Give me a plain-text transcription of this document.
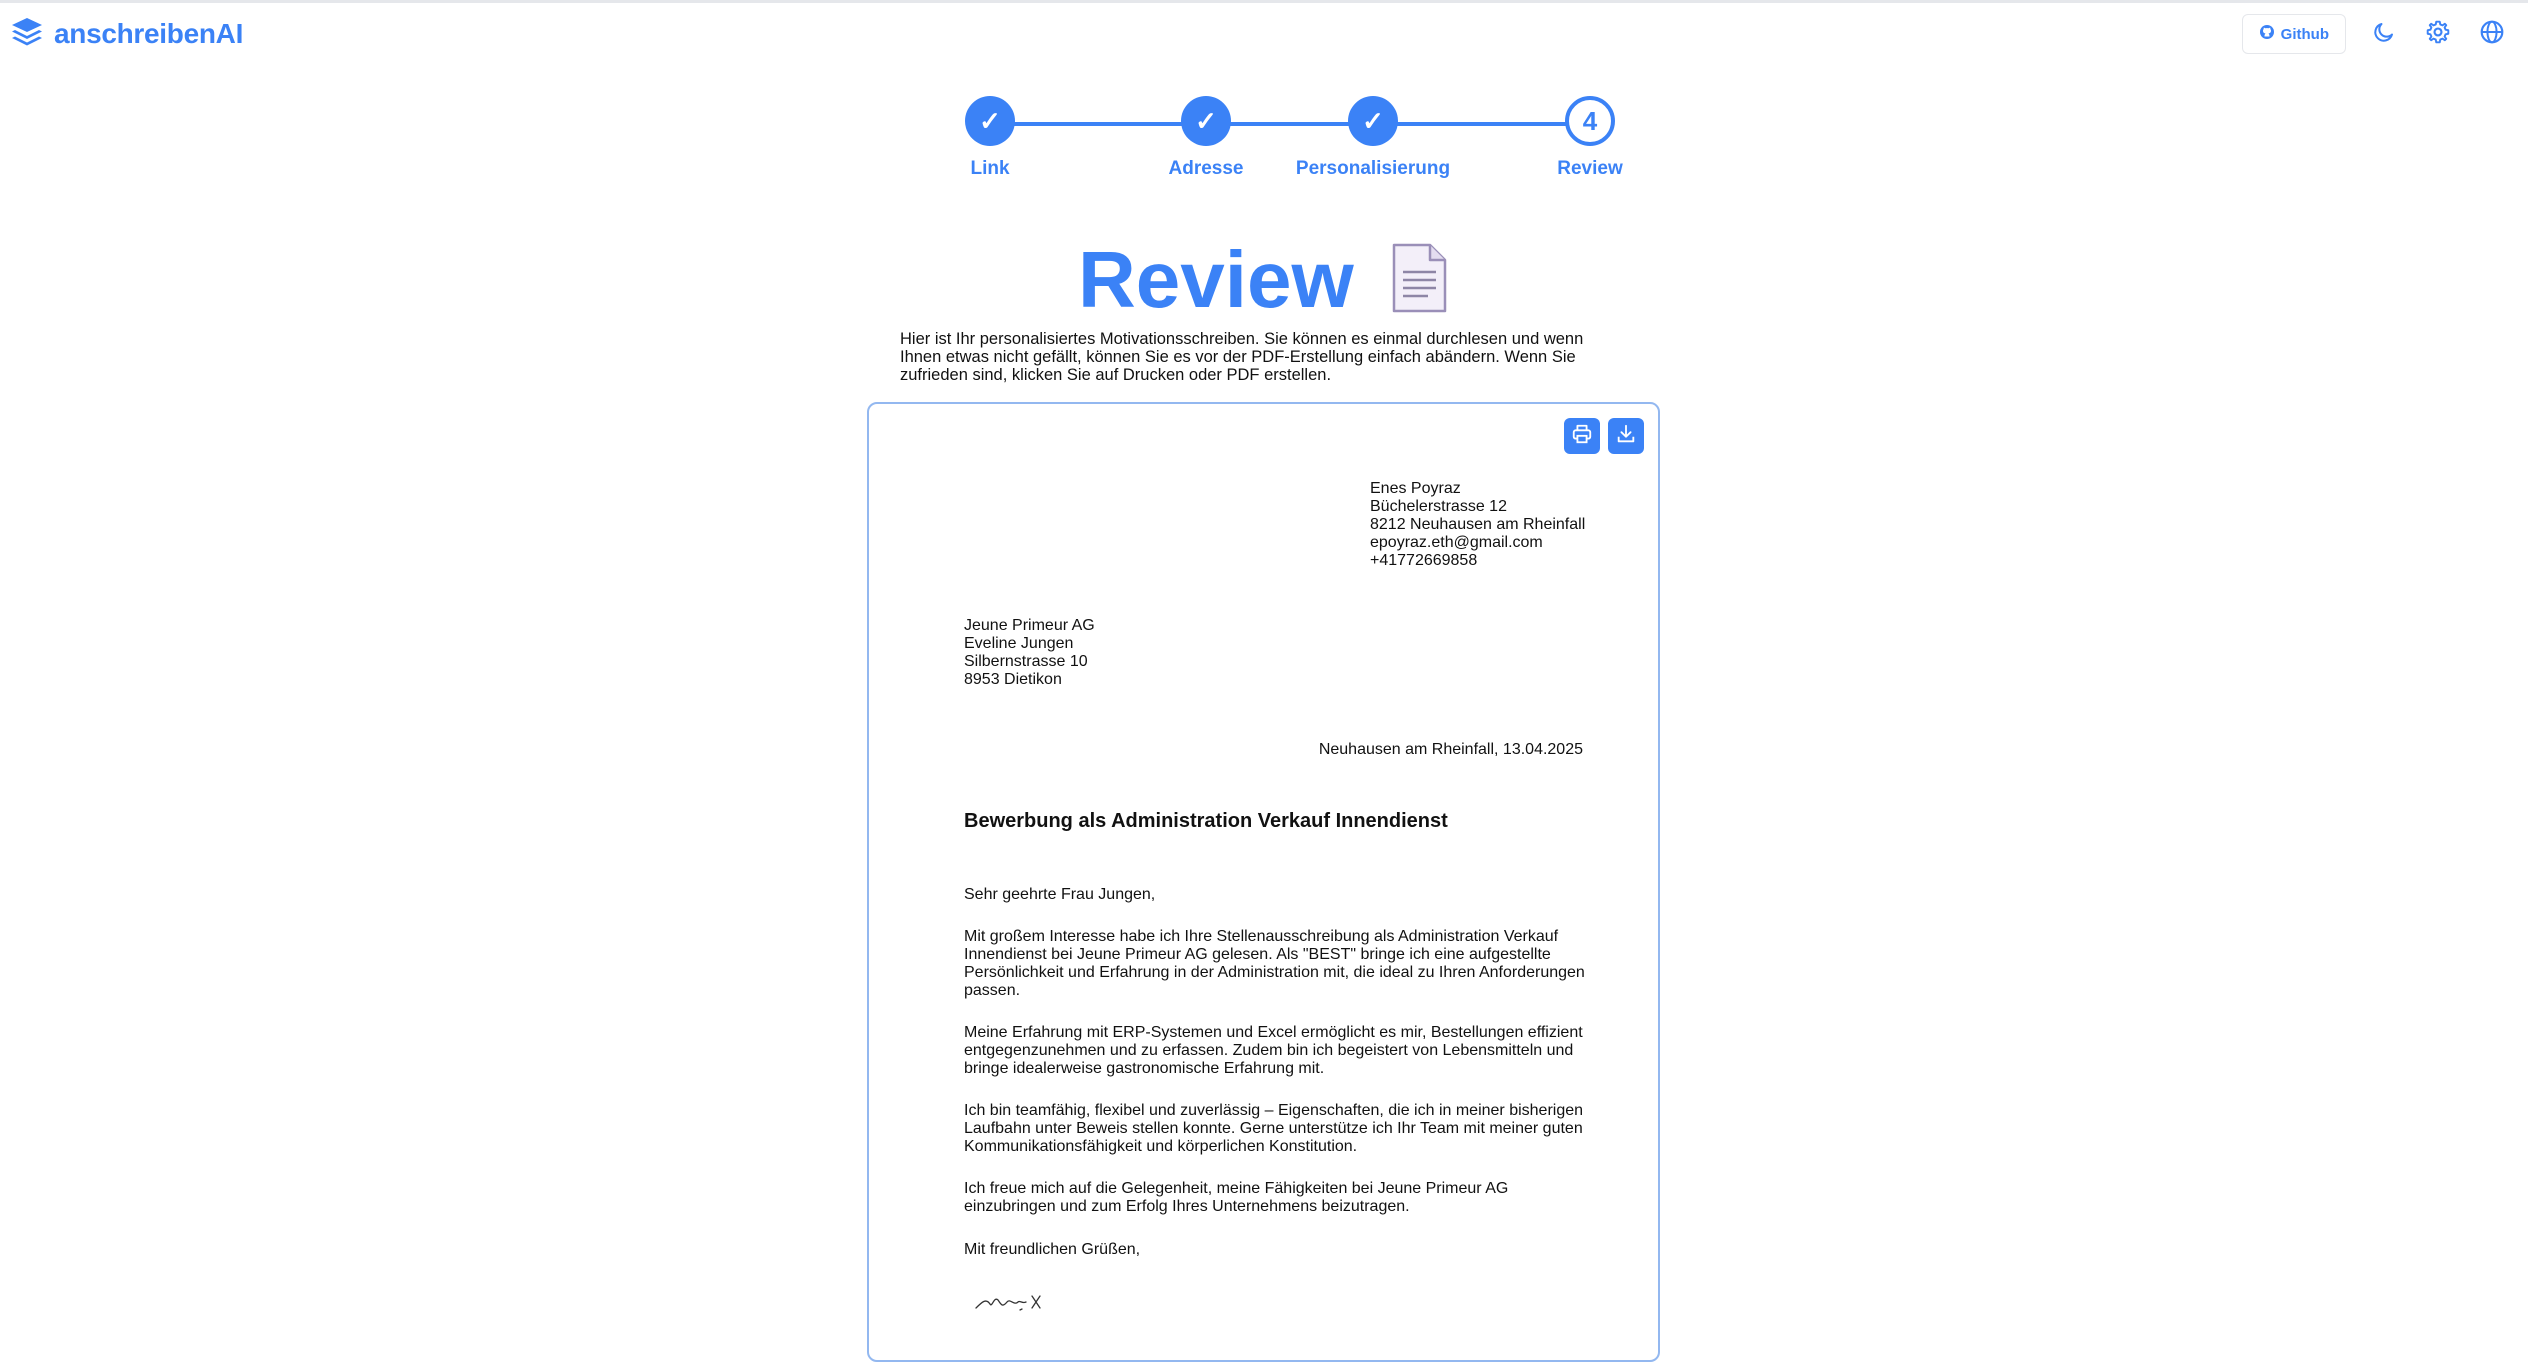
anschreibenAI	Github
✓
Link
✓
Adresse
✓
Personalisierung
4
Review
Review
Hier ist Ihr personalisiertes Motivationsschreiben. Sie können es einmal durchlesen und wenn Ihnen etwas nicht gefällt, können Sie es vor der PDF-Erstellung einfach abändern. Wenn Sie zufrieden sind, klicken Sie auf Drucken oder PDF erstellen.
Enes Poyraz
Büchelerstrasse 12
8212 Neuhausen am Rheinfall
epoyraz.eth@gmail.com
+41772669858
Jeune Primeur AG
Eveline Jungen
Silbernstrasse 10
8953 Dietikon
Neuhausen am Rheinfall, 13.04.2025
Bewerbung als Administration Verkauf Innendienst
Sehr geehrte Frau Jungen,
Mit großem Interesse habe ich Ihre Stellenausschreibung als Administration Verkauf Innendienst bei Jeune Primeur AG gelesen. Als "BEST" bringe ich eine aufgestellte Persönlichkeit und Erfahrung in der Administration mit, die ideal zu Ihren Anforderungen passen.
Meine Erfahrung mit ERP-Systemen und Excel ermöglicht es mir, Bestellungen effizient entgegenzunehmen und zu erfassen. Zudem bin ich begeistert von Lebensmitteln und bringe idealerweise gastronomische Erfahrung mit.
Ich bin teamfähig, flexibel und zuverlässig – Eigenschaften, die ich in meiner bisherigen Laufbahn unter Beweis stellen konnte. Gerne unterstütze ich Ihr Team mit meiner guten Kommunikationsfähigkeit und körperlichen Konstitution.
Ich freue mich auf die Gelegenheit, meine Fähigkeiten bei Jeune Primeur AG einzubringen und zum Erfolg Ihres Unternehmens beizutragen.
Mit freundlichen Grüßen,
